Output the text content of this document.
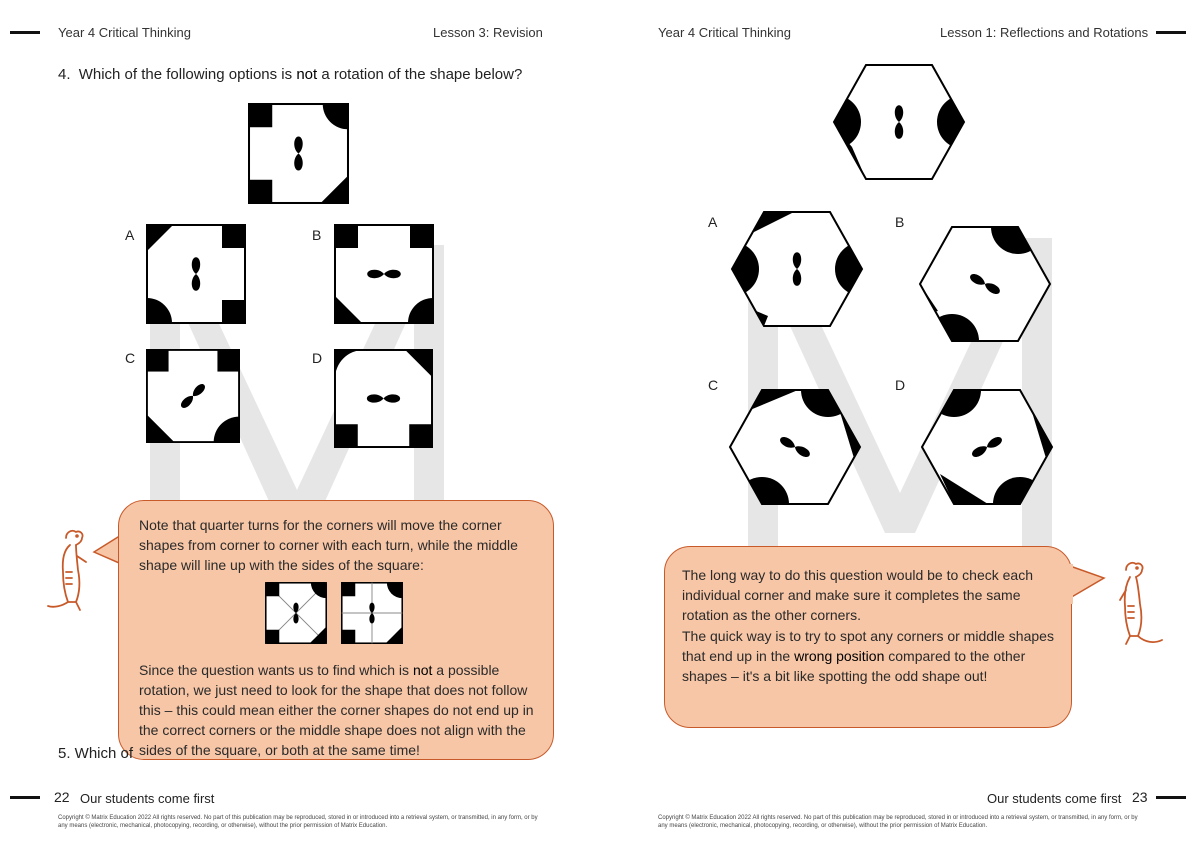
Year 4 Critical Thinking	Lesson 3: Revision
4. Which of the following options is not a rotation of the shape below?
A	B
C	D

Note that quarter turns for the corners will move the corner shapes from corner to corner with each turn, while the middle shape will line up with the sides of the square:

Since the question wants us to find which is not a possible rotation, we just need to look for the shape that does not follow this – this could mean either the corner shapes do not end up in the correct corners or the middle shape does not align with the sides of the square, or both at the same time!

5. Which of
22 Our students come first
Copyright © Matrix Education 2022 All rights reserved. No part of this publication may be reproduced, stored in or introduced into a retrieval system, or transmitted, in any form, or by any means (electronic, mechanical, photocopying, recording, or otherwise), without the prior permission of Matrix Education.
Year 4 Critical Thinking	Lesson 1: Reflections and Rotations
A	B
C	D

The long way to do this question would be to check each individual corner and make sure it completes the same rotation as the other corners.

The quick way is to try to spot any corners or middle shapes that end up in the wrong position compared to the other shapes – it's a bit like spotting the odd shape out!

Our students come first 23
Copyright © Matrix Education 2022 All rights reserved. No part of this publication may be reproduced, stored in or introduced into a retrieval system, or transmitted, in any form, or by any means (electronic, mechanical, photocopying, recording, or otherwise), without the prior permission of Matrix Education.
